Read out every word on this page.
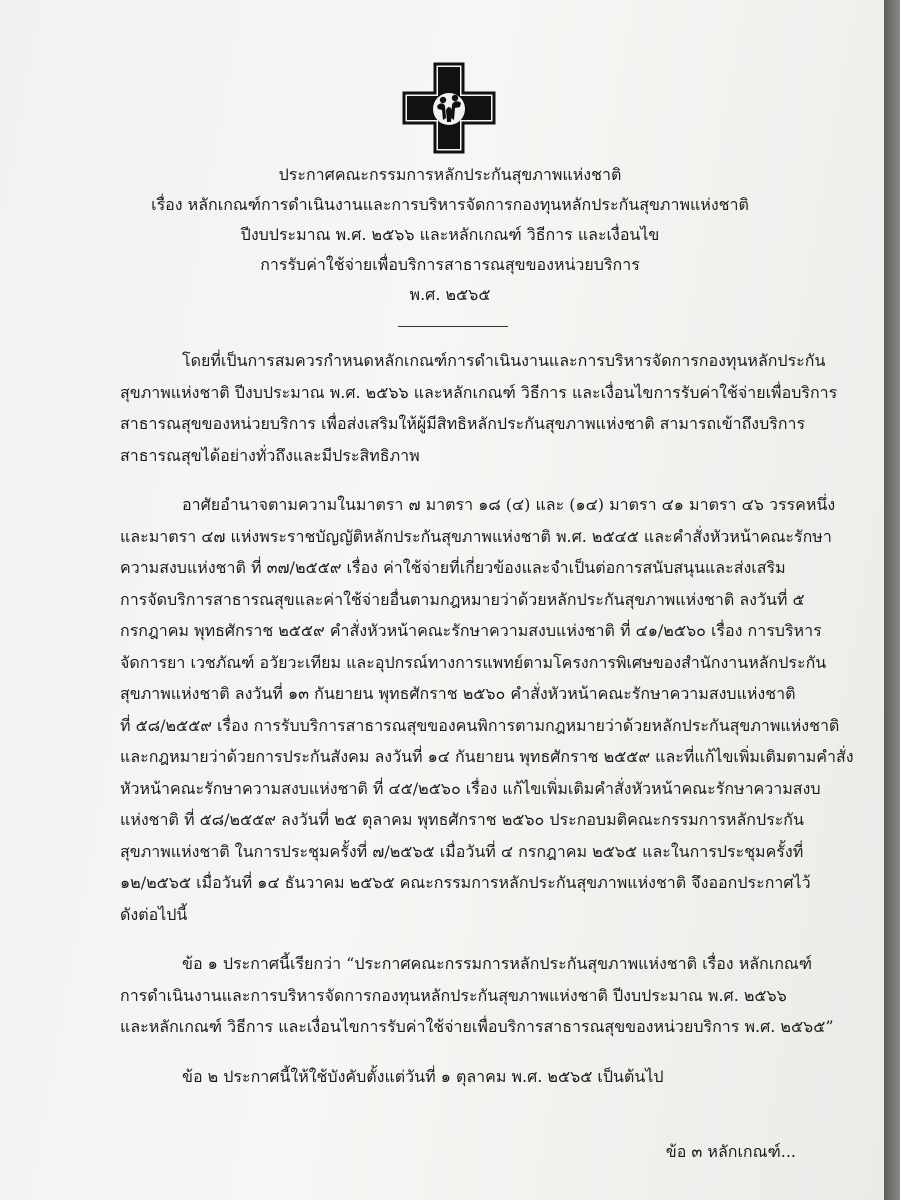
ประกาศคณะกรรมการหลักประกันสุขภาพแห่งชาติ
เรื่อง หลักเกณฑ์การดำเนินงานและการบริหารจัดการกองทุนหลักประกันสุขภาพแห่งชาติ
ปีงบประมาณ พ.ศ. ๒๕๖๖ และหลักเกณฑ์ วิธีการ และเงื่อนไข
การรับค่าใช้จ่ายเพื่อบริการสาธารณสุขของหน่วยบริการ
พ.ศ. ๒๕๖๕

โดยที่เป็นการสมควรกำหนดหลักเกณฑ์การดำเนินงานและการบริหารจัดการกองทุนหลักประกัน

สุขภาพแห่งชาติ ปีงบประมาณ พ.ศ. ๒๕๖๖ และหลักเกณฑ์ วิธีการ และเงื่อนไขการรับค่าใช้จ่ายเพื่อบริการ

สาธารณสุขของหน่วยบริการ เพื่อส่งเสริมให้ผู้มีสิทธิหลักประกันสุขภาพแห่งชาติ สามารถเข้าถึงบริการ

สาธารณสุขได้อย่างทั่วถึงและมีประสิทธิภาพ

อาศัยอำนาจตามความในมาตรา ๗ มาตรา ๑๘ (๔) และ (๑๔) มาตรา ๔๑ มาตรา ๔๖ วรรคหนึ่ง

และมาตรา ๔๗ แห่งพระราชบัญญัติหลักประกันสุขภาพแห่งชาติ พ.ศ. ๒๕๔๕ และคำสั่งหัวหน้าคณะรักษา

ความสงบแห่งชาติ ที่ ๓๗/๒๕๕๙ เรื่อง ค่าใช้จ่ายที่เกี่ยวข้องและจำเป็นต่อการสนับสนุนและส่งเสริม

การจัดบริการสาธารณสุขและค่าใช้จ่ายอื่นตามกฎหมายว่าด้วยหลักประกันสุขภาพแห่งชาติ ลงวันที่ ๕

กรกฎาคม พุทธศักราช ๒๕๕๙ คำสั่งหัวหน้าคณะรักษาความสงบแห่งชาติ ที่ ๔๑/๒๕๖๐ เรื่อง การบริหาร

จัดการยา เวชภัณฑ์ อวัยวะเทียม และอุปกรณ์ทางการแพทย์ตามโครงการพิเศษของสำนักงานหลักประกัน

สุขภาพแห่งชาติ ลงวันที่ ๑๓ กันยายน พุทธศักราช ๒๕๖๐ คำสั่งหัวหน้าคณะรักษาความสงบแห่งชาติ

ที่ ๕๘/๒๕๕๙ เรื่อง การรับบริการสาธารณสุขของคนพิการตามกฎหมายว่าด้วยหลักประกันสุขภาพแห่งชาติ

และกฎหมายว่าด้วยการประกันสังคม ลงวันที่ ๑๔ กันยายน พุทธศักราช ๒๕๕๙ และที่แก้ไขเพิ่มเติมตามคำสั่ง

หัวหน้าคณะรักษาความสงบแห่งชาติ ที่ ๔๕/๒๕๖๐ เรื่อง แก้ไขเพิ่มเติมคำสั่งหัวหน้าคณะรักษาความสงบ

แห่งชาติ ที่ ๕๘/๒๕๕๙ ลงวันที่ ๒๕ ตุลาคม พุทธศักราช ๒๕๖๐ ประกอบมติคณะกรรมการหลักประกัน

สุขภาพแห่งชาติ ในการประชุมครั้งที่ ๗/๒๕๖๕ เมื่อวันที่ ๔ กรกฎาคม ๒๕๖๕ และในการประชุมครั้งที่

๑๒/๒๕๖๕ เมื่อวันที่ ๑๔ ธันวาคม ๒๕๖๕ คณะกรรมการหลักประกันสุขภาพแห่งชาติ จึงออกประกาศไว้

ดังต่อไปนี้

ข้อ ๑ ประกาศนี้เรียกว่า “ประกาศคณะกรรมการหลักประกันสุขภาพแห่งชาติ เรื่อง หลักเกณฑ์

การดำเนินงานและการบริหารจัดการกองทุนหลักประกันสุขภาพแห่งชาติ ปีงบประมาณ พ.ศ. ๒๕๖๖

และหลักเกณฑ์ วิธีการ และเงื่อนไขการรับค่าใช้จ่ายเพื่อบริการสาธารณสุขของหน่วยบริการ พ.ศ. ๒๕๖๕”

ข้อ ๒ ประกาศนี้ให้ใช้บังคับตั้งแต่วันที่ ๑ ตุลาคม พ.ศ. ๒๕๖๕ เป็นต้นไป

ข้อ ๓ หลักเกณฑ์...
